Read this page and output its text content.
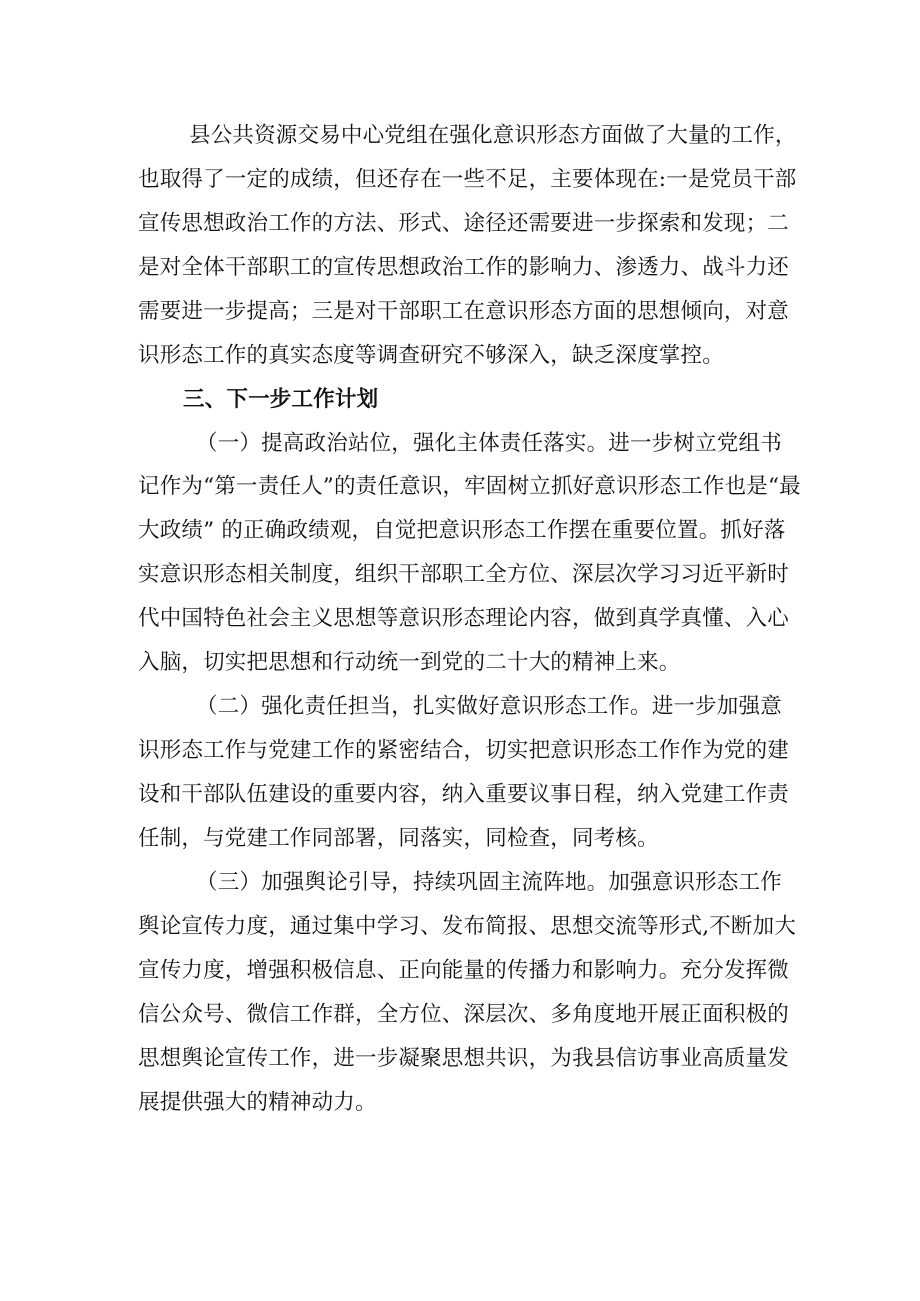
县公共资源交易中心党组在强化意识形态方面做了大量的工作，
也取得了一定的成绩，但还存在一些不足，主要体现在:一是党员干部
宣传思想政治工作的方法、形式、途径还需要进一步探索和发现；二
是对全体干部职工的宣传思想政治工作的影响力、渗透力、战斗力还
需要进一步提高；三是对干部职工在意识形态方面的思想倾向，对意
识形态工作的真实态度等调查研究不够深入，缺乏深度掌控。
三、下一步工作计划
（一）提高政治站位，强化主体责任落实。进一步树立党组书
记作为“第一责任人”的责任意识，牢固树立抓好意识形态工作也是“最
大政绩” 的正确政绩观，自觉把意识形态工作摆在重要位置。抓好落
实意识形态相关制度，组织干部职工全方位、深层次学习习近平新时
代中国特色社会主义思想等意识形态理论内容，做到真学真懂、入心
入脑，切实把思想和行动统一到党的二十大的精神上来。
（二）强化责任担当，扎实做好意识形态工作。进一步加强意
识形态工作与党建工作的紧密结合，切实把意识形态工作作为党的建
设和干部队伍建设的重要内容，纳入重要议事日程，纳入党建工作责
任制，与党建工作同部署，同落实，同检查，同考核。
（三）加强舆论引导，持续巩固主流阵地。加强意识形态工作
舆论宣传力度，通过集中学习、发布简报、思想交流等形式,不断加大
宣传力度，增强积极信息、正向能量的传播力和影响力。充分发挥微
信公众号、微信工作群，全方位、深层次、多角度地开展正面积极的
思想舆论宣传工作，进一步凝聚思想共识，为我县信访事业高质量发
展提供强大的精神动力。
